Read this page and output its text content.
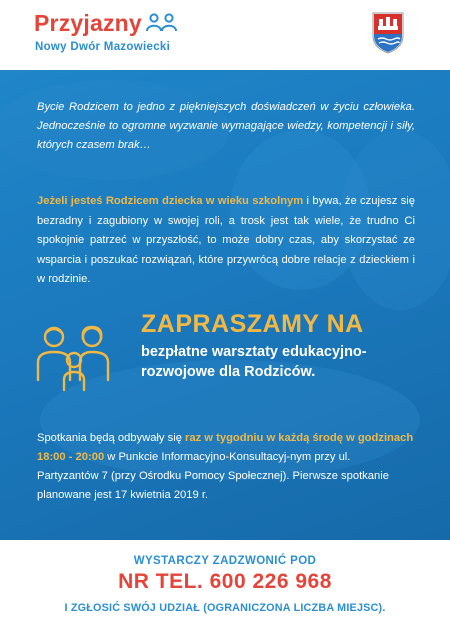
Przyjazny
Nowy Dwór Mazowiecki
Bycie Rodzicem to jedno z piękniejszych doświadczeń w życiu człowieka. Jednocześnie to ogromne wyzwanie wymagające wiedzy, kompetencji i siły, których czasem brak…
Jeżeli jesteś Rodzicem dziecka w wieku szkolnym i bywa, że czujesz się bezradny i zagubiony w swojej roli, a trosk jest tak wiele, że trudno Ci spokojnie patrzeć w przyszłość, to może dobry czas, aby skorzystać ze wsparcia i poszukać rozwiązań, które przywrócą dobre relacje z dzieckiem i w rodzinie.
ZAPRASZAMY NA
bezpłatne warsztaty edukacyjno-rozwojowe dla Rodziców.
Spotkania będą odbywały się raz w tygodniu w każdą środę w godzinach 18:00 - 20:00 w Punkcie Informacyjno-Konsultacyj-nym przy ul. Partyzantów 7 (przy Ośrodku Pomocy Społecznej). Pierwsze spotkanie planowane jest 17 kwietnia 2019 r.
WYSTARCZY ZADZWONIĆ POD
NR TEL. 600 226 968
I ZGŁOSIĆ SWÓJ UDZIAŁ (OGRANICZONA LICZBA MIEJSC).
